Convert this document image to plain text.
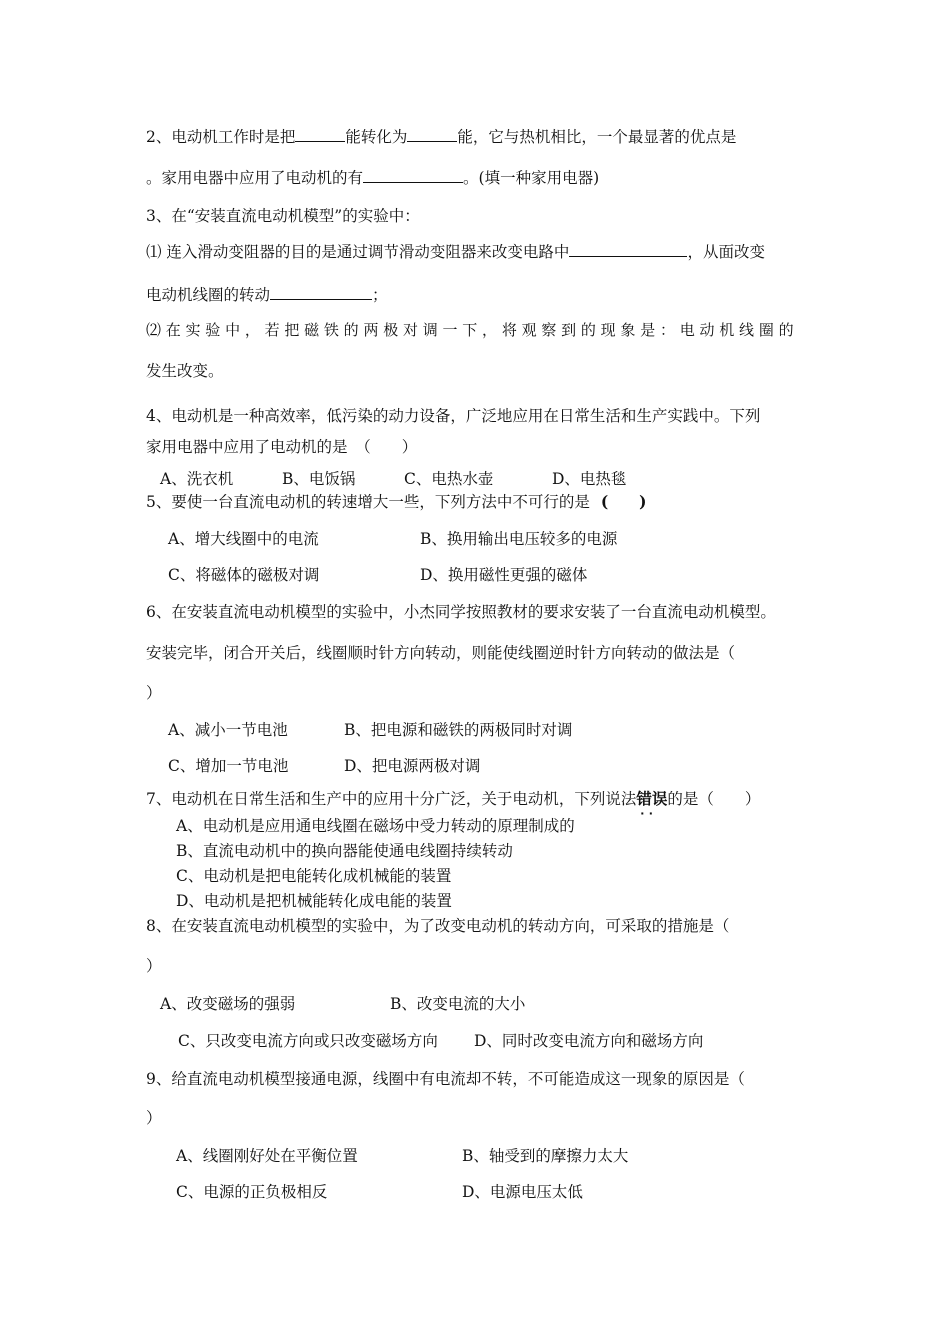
2、电动机工作时是把	能转化为	能，它与热机相比，一个最显著的优点是
。家用电器中应用了电动机的有	。(填一种家用电器)
3、在“安装直流电动机模型”的实验中：
⑴ 连入滑动变阻器的目的是通过调节滑动变阻器来改变电路中	，从面改变
电动机线圈的转动	；
⑵ 在 实 验 中 ， 若 把 磁 铁 的 两 极 对 调 一 下 ， 将 观 察 到 的 现 象 是 ： 电 动 机 线 圈 的
发生改变。
4、电动机是一种高效率，低污染的动力设备，广泛地应用在日常生活和生产实践中。下列
家用电器中应用了电动机的是　（　　）
A、洗衣机	B、电饭锅	C、电热水壶	D、电热毯
5、要使一台直流电动机的转速增大一些，下列方法中不可行的是 (　　)
A、增大线圈中的电流	B、换用输出电压较多的电源
C、将磁体的磁极对调	D、换用磁性更强的磁体
6、在安装直流电动机模型的实验中，小杰同学按照教材的要求安装了一台直流电动机模型。
安装完毕，闭合开关后，线圈顺时针方向转动，则能使线圈逆时针方向转动的做法是（
）
A、减小一节电池	B、把电源和磁铁的两极同时对调
C、增加一节电池	D、把电源两极对调
7、电动机在日常生活和生产中的应用十分广泛，关于电动机，下列说法错误 · ·的是（　　）
A、电动机是应用通电线圈在磁场中受力转动的原理制成的
B、直流电动机中的换向器能使通电线圈持续转动
C、电动机是把电能转化成机械能的装置
D、电动机是把机械能转化成电能的装置
8、在安装直流电动机模型的实验中，为了改变电动机的转动方向，可采取的措施是（
）
A、改变磁场的强弱	B、改变电流的大小
C、只改变电流方向或只改变磁场方向 D、同时改变电流方向和磁场方向
9、给直流电动机模型接通电源，线圈中有电流却不转，不可能造成这一现象的原因是（
）
A、线圈刚好处在平衡位置	B、轴受到的摩擦力太大
C、电源的正负极相反	D、电源电压太低
